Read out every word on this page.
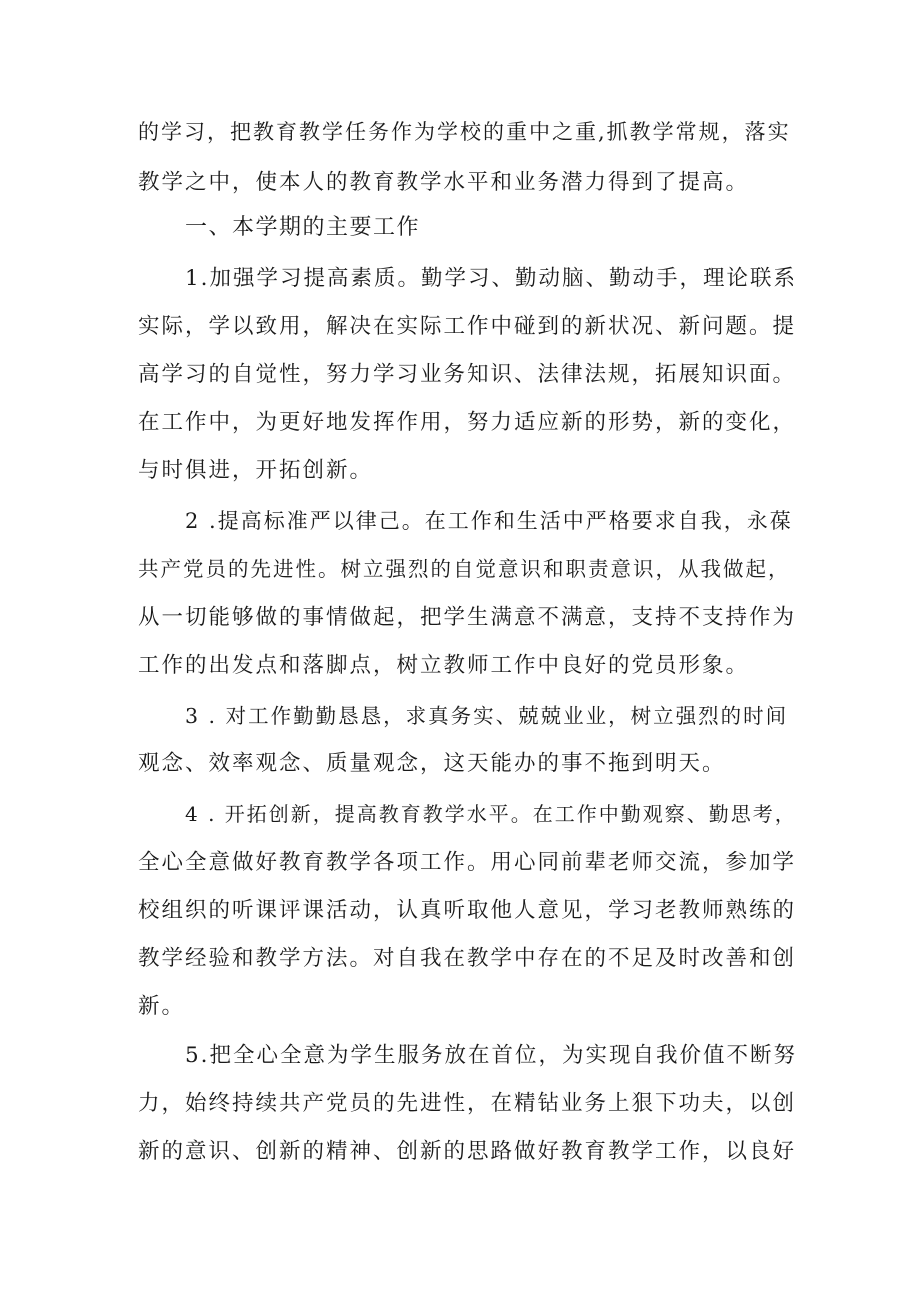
的学习，把教育教学任务作为学校的重中之重,抓教学常规，落实
教学之中，使本人的教育教学水平和业务潜力得到了提高。
一、本学期的主要工作
1.加强学习提高素质。勤学习、勤动脑、勤动手，理论联系
实际，学以致用，解决在实际工作中碰到的新状况、新问题。提
高学习的自觉性，努力学习业务知识、法律法规，拓展知识面。
在工作中，为更好地发挥作用，努力适应新的形势，新的变化，
与时俱进，开拓创新。
2 .提高标准严以律己。在工作和生活中严格要求自我，永葆
共产党员的先进性。树立强烈的自觉意识和职责意识，从我做起，
从一切能够做的事情做起，把学生满意不满意，支持不支持作为
工作的出发点和落脚点，树立教师工作中良好的党员形象。
3 . 对工作勤勤恳恳，求真务实、兢兢业业，树立强烈的时间
观念、效率观念、质量观念，这天能办的事不拖到明天。
4 . 开拓创新，提高教育教学水平。在工作中勤观察、勤思考，
全心全意做好教育教学各项工作。用心同前辈老师交流，参加学
校组织的听课评课活动，认真听取他人意见，学习老教师熟练的
教学经验和教学方法。对自我在教学中存在的不足及时改善和创
新。
5.把全心全意为学生服务放在首位，为实现自我价值不断努
力，始终持续共产党员的先进性，在精钻业务上狠下功夫，以创
新的意识、创新的精神、创新的思路做好教育教学工作，以良好
